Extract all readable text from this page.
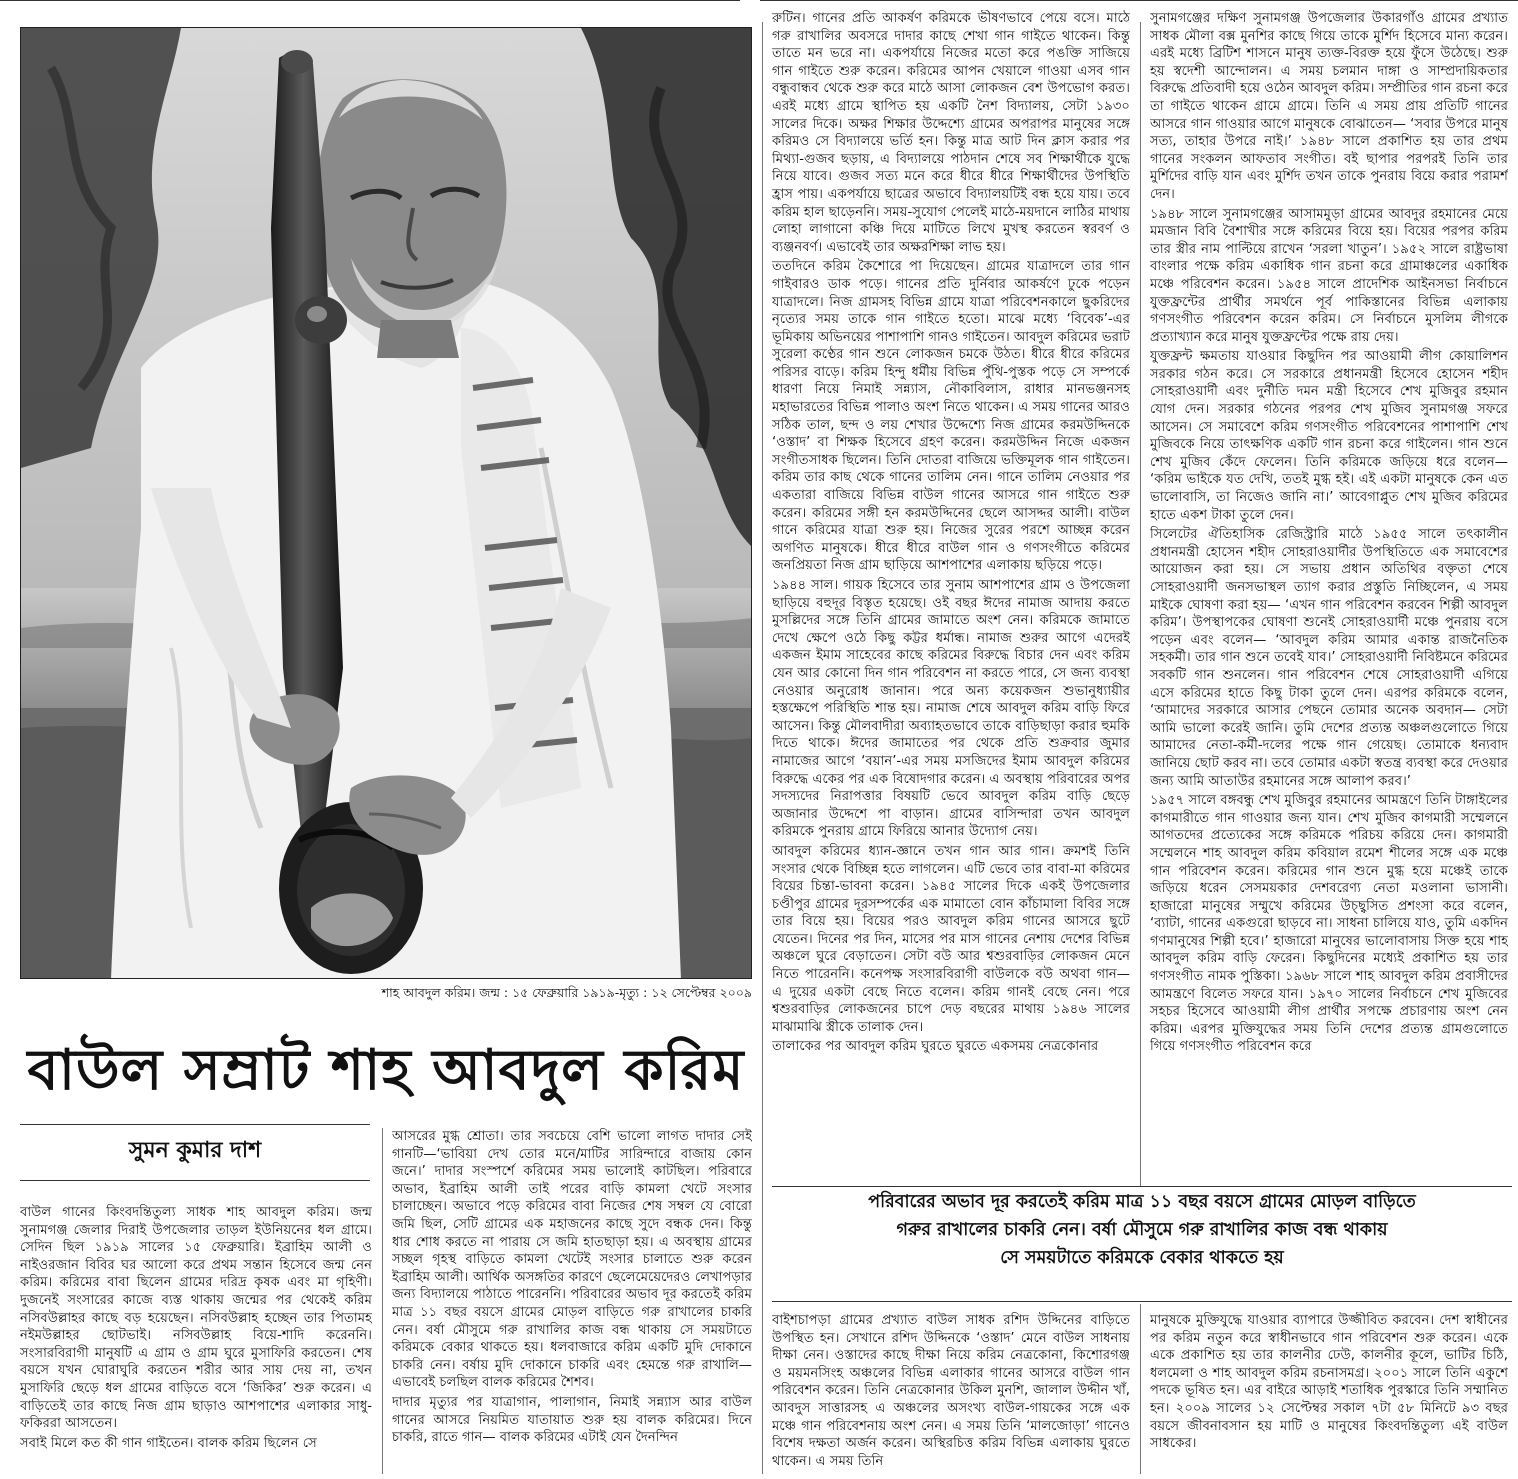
শাহ আবদুল করিম। জন্ম : ১৫ ফেব্রুয়ারি ১৯১৯-মৃত্যু : ১২ সেপ্টেম্বর ২০০৯
বাউল সম্রাট শাহ আবদুল করিম
সুমন কুমার দাশ

বাউল গানের কিংবদন্তিতুল্য সাধক শাহ আবদুল করিম। জন্ম সুনামগঞ্জ জেলার দিরাই উপজেলার তাড়ল ইউনিয়নের ধল গ্রামে। সেদিন ছিল ১৯১৯ সালের ১৫ ফেব্রুয়ারি। ইব্রাহিম আলী ও নাইওরজান বিবির ঘর আলো করে প্রথম সন্তান হিসেবে জন্ম নেন করিম। করিমের বাবা ছিলেন গ্রামের দরিদ্র কৃষক এবং মা গৃহিণী। দুজনেই সংসারের কাজে ব্যস্ত থাকায় জন্মের পর থেকেই করিম নসিবউল্লাহর কাছে বড় হয়েছেন। নসিবউল্লাহ হচ্ছেন তার পিতামহ নইমউল্লাহর ছোটভাই। নসিবউল্লাহ বিয়ে-শাদি করেননি। সংসারবিরাগী মানুষটি এ গ্রাম ও গ্রাম ঘুরে মুসাফিরি করতেন। শেষ বয়সে যখন ঘোরাঘুরি করতেন শরীর আর সায় দেয় না, তখন মুসাফিরি ছেড়ে ধল গ্রামের বাড়িতে বসে ‘জিকির’ শুরু করেন। এ বাড়িতেই তার কাছে নিজ গ্রাম ছাড়াও আশপাশের এলাকার সাধু-ফকিররা আসতেন।

সবাই মিলে কত কী গান গাইতেন। বালক করিম ছিলেন সে

আসরের মুগ্ধ শ্রোতা। তার সবচেয়ে বেশি ভালো লাগত দাদার সেই গানটি—‘ভাবিয়া দেখ তোর মনে/মাটির সারিন্দারে বাজায় কোন জনে।’ দাদার সংস্পর্শে করিমের সময় ভালোই কাটছিল। পরিবারে অভাব, ইব্রাহিম আলী তাই পরের বাড়ি কামলা খেটে সংসার চালাচ্ছেন। অভাবে পড়ে করিমের বাবা নিজের শেষ সম্বল যে বোরো জমি ছিল, সেটি গ্রামের এক মহাজনের কাছে সুদে বন্ধক দেন। কিন্তু ধার শোধ করতে না পারায় সে জমি হাতছাড়া হয়। এ অবস্থায় গ্রামের সচ্ছল গৃহস্থ বাড়িতে কামলা খেটেই সংসার চালাতে শুরু করেন ইব্রাহিম আলী। আর্থিক অসঙ্গতির কারণে ছেলেমেয়েদেরও লেখাপড়ার জন্য বিদ্যালয়ে পাঠাতে পারেননি। পরিবারের অভাব দূর করতেই করিম মাত্র ১১ বছর বয়সে গ্রামের মোড়ল বাড়িতে গরু রাখালের চাকরি নেন। বর্ষা মৌসুমে গরু রাখালির কাজ বন্ধ থাকায় সে সময়টাতে করিমকে বেকার থাকতে হয়। ধলবাজারে করিম একটি মুদি দোকানে চাকরি নেন। বর্ষায় মুদি দোকানে চাকরি এবং হেমন্তে গরু রাখালি— এভাবেই চলছিল বালক করিমের শৈশব।

দাদার মৃত্যুর পর যাত্রাগান, পালাগান, নিমাই সন্ন্যাস আর বাউল গানের আসরে নিয়মিত যাতায়াত শুরু হয় বালক করিমের। দিনে চাকরি, রাতে গান— বালক করিমের এটাই যেন দৈনন্দিন

রুটিন। গানের প্রতি আকর্ষণ করিমকে ভীষণভাবে পেয়ে বসে। মাঠে গরু রাখালির অবসরে দাদার কাছে শেখা গান গাইতে থাকেন। কিন্তু তাতে মন ভরে না। একপর্যায়ে নিজের মতো করে পঙক্তি সাজিয়ে গান গাইতে শুরু করেন। করিমের আপন খেয়ালে গাওয়া এসব গান বন্ধুবান্ধব থেকে শুরু করে মাঠে আসা লোকজন বেশ উপভোগ করত। এরই মধ্যে গ্রামে স্থাপিত হয় একটি নৈশ বিদ্যালয়, সেটা ১৯৩০ সালের দিকে। অক্ষর শিক্ষার উদ্দেশ্যে গ্রামের অপরাপর মানুষের সঙ্গে করিমও সে বিদ্যালয়ে ভর্তি হন। কিন্তু মাত্র আট দিন ক্লাস করার পর মিথ্যা-গুজব ছড়ায়, এ বিদ্যালয়ে পাঠদান শেষে সব শিক্ষার্থীকে যুদ্ধে নিয়ে যাবে। গুজব সত্য মনে করে ধীরে ধীরে শিক্ষার্থীদের উপস্থিতি হ্রাস পায়। একপর্যায়ে ছাত্রের অভাবে বিদ্যালয়টিই বন্ধ হয়ে যায়। তবে করিম হাল ছাড়েননি। সময়-সুযোগ পেলেই মাঠে-ময়দানে লাঠির মাথায় লোহা লাগানো কঞ্চি দিয়ে মাটিতে লিখে মুখস্থ করতেন স্বরবর্ণ ও ব্যঞ্জনবর্ণ। এভাবেই তার অক্ষরশিক্ষা লাভ হয়।

ততদিনে করিম কৈশোরে পা দিয়েছেন। গ্রামের যাত্রাদলে তার গান গাইবারও ডাক পড়ে। গানের প্রতি দুর্নিবার আকর্ষণে ঢুকে পড়েন যাত্রাদলে। নিজ গ্রামসহ বিভিন্ন গ্রামে যাত্রা পরিবেশনকালে ছুকরিদের নৃত্যের সময় তাকে গান গাইতে হতো। মাঝে মধ্যে ‘বিবেক’-এর ভূমিকায় অভিনয়ের পাশাপাশি গানও গাইতেন। আবদুল করিমের ভরাট সুরেলা কণ্ঠের গান শুনে লোকজন চমকে উঠত। ধীরে ধীরে করিমের পরিসর বাড়ে। করিম হিন্দু ধর্মীয় বিভিন্ন পুঁথি-পুস্তক পড়ে সে সম্পর্কে ধারণা নিয়ে নিমাই সন্ন্যাস, নৌকাবিলাস, রাধার মানভঞ্জনসহ মহাভারতের বিভিন্ন পালাও অংশ নিতে থাকেন। এ সময় গানের আরও সঠিক তাল, ছন্দ ও লয় শেখার উদ্দেশ্যে নিজ গ্রামের করমউদ্দিনকে ‘ওস্তাদ’ বা শিক্ষক হিসেবে গ্রহণ করেন। করমউদ্দিন নিজে একজন সংগীতসাধক ছিলেন। তিনি দোতরা বাজিয়ে ভক্তিমূলক গান গাইতেন। করিম তার কাছ থেকে গানের তালিম নেন। গানে তালিম নেওয়ার পর একতারা বাজিয়ে বিভিন্ন বাউল গানের আসরে গান গাইতে শুরু করেন। করিমের সঙ্গী হন করমউদ্দিনের ছেলে আসদ্দর আলী। বাউল গানে করিমের যাত্রা শুরু হয়। নিজের সুরের পরশে আচ্ছন্ন করেন অগণিত মানুষকে। ধীরে ধীরে বাউল গান ও গণসংগীতে করিমের জনপ্রিয়তা নিজ গ্রাম ছাড়িয়ে আশপাশের এলাকায় ছড়িয়ে পড়ে।

১৯৪৪ সাল। গায়ক হিসেবে তার সুনাম আশপাশের গ্রাম ও উপজেলা ছাড়িয়ে বহুদূর বিস্তৃত হয়েছে। ওই বছর ঈদের নামাজ আদায় করতে মুসল্লিদের সঙ্গে তিনি গ্রামের জামাতে অংশ নেন। করিমকে জামাতে দেখে ক্ষেপে ওঠে কিছু কট্টর ধর্মান্ধ। নামাজ শুরুর আগে এদেরই একজন ইমাম সাহেবের কাছে করিমের বিরুদ্ধে বিচার দেন এবং করিম যেন আর কোনো দিন গান পরিবেশন না করতে পারে, সে জন্য ব্যবস্থা নেওয়ার অনুরোধ জানান। পরে অন্য কয়েকজন শুভানুধ্যায়ীর হস্তক্ষেপে পরিস্থিতি শান্ত হয়। নামাজ শেষে আবদুল করিম বাড়ি ফিরে আসেন। কিন্তু মৌলবাদীরা অব্যাহতভাবে তাকে বাড়িছাড়া করার হুমকি দিতে থাকে। ঈদের জামাতের পর থেকে প্রতি শুক্রবার জুমার নামাজের আগে ‘বয়ান’-এর সময় মসজিদের ইমাম আবদুল করিমের বিরুদ্ধে একের পর এক বিষোদগার করেন। এ অবস্থায় পরিবারের অপর সদস্যদের নিরাপত্তার বিষয়টি ভেবে আবদুল করিম বাড়ি ছেড়ে অজানার উদ্দেশে পা বাড়ান। গ্রামের বাসিন্দারা তখন আবদুল করিমকে পুনরায় গ্রামে ফিরিয়ে আনার উদ্যোগ নেয়।

আবদুল করিমের ধ্যান-জ্ঞানে তখন গান আর গান। ক্রমশই তিনি সংসার থেকে বিচ্ছিন্ন হতে লাগলেন। এটি ভেবে তার বাবা-মা করিমের বিয়ের চিন্তা-ভাবনা করেন। ১৯৪৫ সালের দিকে একই উপজেলার চণ্ডীপুর গ্রামের দূরসম্পর্কের এক মামাতো বোন কাঁচামালা বিবির সঙ্গে তার বিয়ে হয়। বিয়ের পরও আবদুল করিম গানের আসরে ছুটে যেতেন। দিনের পর দিন, মাসের পর মাস গানের নেশায় দেশের বিভিন্ন অঞ্চলে ঘুরে বেড়াতেন। সেটা বউ আর শ্বশুরবাড়ির লোকজন মেনে নিতে পারেননি। কনেপক্ষ সংসারবিরাগী বাউলকে বউ অথবা গান— এ দুয়ের একটা বেছে নিতে বলেন। করিম গানই বেছে নেন। পরে শ্বশুরবাড়ির লোকজনের চাপে দেড় বছরের মাথায় ১৯৪৬ সালের মাঝামাঝি স্ত্রীকে তালাক দেন।

তালাকের পর আবদুল করিম ঘুরতে ঘুরতে একসময় নেত্রকোনার

সুনামগঞ্জের দক্ষিণ সুনামগঞ্জ উপজেলার উকারগাঁও গ্রামের প্রখ্যাত সাধক মৌলা বক্স মুনশির কাছে গিয়ে তাকে মুর্শিদ হিসেবে মান্য করেন। এরই মধ্যে ব্রিটিশ শাসনে মানুষ ত্যক্ত-বিরক্ত হয়ে ফুঁসে উঠেছে। শুরু হয় স্বদেশী আন্দোলন। এ সময় চলমান দাঙ্গা ও সাম্প্রদায়িকতার বিরুদ্ধে প্রতিবাদী হয়ে ওঠেন আবদুল করিম। সম্প্রীতির গান রচনা করে তা গাইতে থাকেন গ্রামে গ্রামে। তিনি এ সময় প্রায় প্রতিটি গানের আসরে গান গাওয়ার আগে মানুষকে বোঝাতেন— ‘সবার উপরে মানুষ সত্য, তাহার উপরে নাই।’ ১৯৪৮ সালে প্রকাশিত হয় তার প্রথম গানের সংকলন আফতাব সংগীত। বই ছাপার পরপরই তিনি তার মুর্শিদের বাড়ি যান এবং মুর্শিদ তখন তাকে পুনরায় বিয়ে করার পরামর্শ দেন।

১৯৪৮ সালে সুনামগঞ্জের আসামমুড়া গ্রামের আবদুর রহমানের মেয়ে মমজান বিবি বৈশাখীর সঙ্গে করিমের বিয়ে হয়। বিয়ের পরপর করিম তার স্ত্রীর নাম পাল্টিয়ে রাখেন ‘সরলা খাতুন’। ১৯৫২ সালে রাষ্ট্রভাষা বাংলার পক্ষে করিম একাধিক গান রচনা করে গ্রামাঞ্চলের একাধিক মঞ্চে পরিবেশন করেন। ১৯৫৪ সালে প্রাদেশিক আইনসভা নির্বাচনে যুক্তফ্রন্টের প্রার্থীর সমর্থনে পূর্ব পাকিস্তানের বিভিন্ন এলাকায় গণসংগীত পরিবেশন করেন করিম। সে নির্বাচনে মুসলিম লীগকে প্রত্যাখ্যান করে মানুষ যুক্তফ্রন্টের পক্ষে রায় দেয়।

যুক্তফ্রন্ট ক্ষমতায় যাওয়ার কিছুদিন পর আওয়ামী লীগ কোয়ালিশন সরকার গঠন করে। সে সরকারে প্রধানমন্ত্রী হিসেবে হোসেন শহীদ সোহরাওয়ার্দী এবং দুর্নীতি দমন মন্ত্রী হিসেবে শেখ মুজিবুর রহমান যোগ দেন। সরকার গঠনের পরপর শেখ মুজিব সুনামগঞ্জ সফরে আসেন। সে সমাবেশে করিম গণসংগীত পরিবেশনের পাশাপাশি শেখ মুজিবকে নিয়ে তাৎক্ষণিক একটি গান রচনা করে গাইলেন। গান শুনে শেখ মুজিব কেঁদে ফেলেন। তিনি করিমকে জড়িয়ে ধরে বলেন— ‘করিম ভাইকে যত দেখি, ততই মুগ্ধ হই। এই একটা মানুষকে কেন এত ভালোবাসি, তা নিজেও জানি না।’ আবেগাপ্লুত শেখ মুজিব করিমের হাতে একশ টাকা তুলে দেন।

সিলেটের ঐতিহাসিক রেজিস্ট্রারি মাঠে ১৯৫৫ সালে তৎকালীন প্রধানমন্ত্রী হোসেন শহীদ সোহরাওয়ার্দীর উপস্থিতিতে এক সমাবেশের আয়োজন করা হয়। সে সভায় প্রধান অতিথির বক্তৃতা শেষে সোহরাওয়ার্দী জনসভাস্থল ত্যাগ করার প্রস্তুতি নিচ্ছিলেন, এ সময় মাইকে ঘোষণা করা হয়— ‘এখন গান পরিবেশন করবেন শিল্পী আবদুল করিম’। উপস্থাপকের ঘোষণা শুনেই সোহরাওয়ার্দী মঞ্চে পুনরায় বসে পড়েন এবং বলেন— ‘আবদুল করিম আমার একান্ত রাজনৈতিক সহকর্মী। তার গান শুনে তবেই যাব।’ সোহরাওয়ার্দী নিবিষ্টমনে করিমের সবকটি গান শুনলেন। গান পরিবেশন শেষে সোহরাওয়ার্দী এগিয়ে এসে করিমের হাতে কিছু টাকা তুলে দেন। এরপর করিমকে বলেন, ‘আমাদের সরকারে আসার পেছনে তোমার অনেক অবদান— সেটা আমি ভালো করেই জানি। তুমি দেশের প্রত্যন্ত অঞ্চলগুলোতে গিয়ে আমাদের নেতা-কর্মী-দলের পক্ষে গান গেয়েছ। তোমাকে ধন্যবাদ জানিয়ে ছোট করব না। তবে তোমার একটা স্বতন্ত্র ব্যবস্থা করে দেওয়ার জন্য আমি আতাউর রহমানের সঙ্গে আলাপ করব।’

১৯৫৭ সালে বঙ্গবন্ধু শেখ মুজিবুর রহমানের আমন্ত্রণে তিনি টাঙ্গাইলের কাগমারীতে গান গাওয়ার জন্য যান। শেখ মুজিব কাগমারী সম্মেলনে আগতদের প্রত্যেকের সঙ্গে করিমকে পরিচয় করিয়ে দেন। কাগমারী সম্মেলনে শাহ আবদুল করিম কবিয়াল রমেশ শীলের সঙ্গে এক মঞ্চে গান পরিবেশন করেন। করিমের গান শুনে মুগ্ধ হয়ে মঞ্চেই তাকে জড়িয়ে ধরেন সেসময়কার দেশবরেণ্য নেতা মওলানা ভাসানী। হাজারো মানুষের সম্মুখে করিমের উচ্ছ্বসিত প্রশংসা করে বলেন, ‘ব্যাটা, গানের একগুরো ছাড়বে না। সাধনা চালিয়ে যাও, তুমি একদিন গণমানুষের শিল্পী হবে।’ হাজারো মানুষের ভালোবাসায় সিক্ত হয়ে শাহ আবদুল করিম বাড়ি ফেরেন। কিছুদিনের মধ্যেই প্রকাশিত হয় তার গণসংগীত নামক পুস্তিকা। ১৯৬৮ সালে শাহ আবদুল করিম প্রবাসীদের আমন্ত্রণে বিলেত সফরে যান। ১৯৭০ সালের নির্বাচনে শেখ মুজিবের সহচর হিসেবে আওয়ামী লীগ প্রার্থীর সপক্ষে প্রচারণায় অংশ নেন করিম। এরপর মুক্তিযুদ্ধের সময় তিনি দেশের প্রত্যন্ত গ্রামগুলোতে গিয়ে গণসংগীত পরিবেশন করে

পরিবারের অভাব দূর করতেই করিম মাত্র ১১ বছর বয়সে গ্রামের মোড়ল বাড়িতে
গরুর রাখালের চাকরি নেন। বর্ষা মৌসুমে গরু রাখালির কাজ বন্ধ থাকায়
সে সময়টাতে করিমকে বেকার থাকতে হয়

বাইশচাপড়া গ্রামের প্রখ্যাত বাউল সাধক রশিদ উদ্দিনের বাড়িতে উপস্থিত হন। সেখানে রশিদ উদ্দিনকে ‘ওস্তাদ’ মেনে বাউল সাধনায় দীক্ষা নেন। ওস্তাদের কাছে দীক্ষা নিয়ে করিম নেত্রকোনা, কিশোরগঞ্জ ও ময়মনসিংহ অঞ্চলের বিভিন্ন এলাকার গানের আসরে বাউল গান পরিবেশন করেন। তিনি নেত্রকোনার উকিল মুনশি, জালাল উদ্দীন খাঁ, আবদুস সাত্তারসহ এ অঞ্চলের অসংখ্য বাউল-গায়কের সঙ্গে এক মঞ্চে গান পরিবেশনায় অংশ নেন। এ সময় তিনি ‘মালজোড়া’ গানেও বিশেষ দক্ষতা অর্জন করেন। অস্থিরচিত্ত করিম বিভিন্ন এলাকায় ঘুরতে থাকেন। এ সময় তিনি

মানুষকে মুক্তিযুদ্ধে যাওয়ার ব্যাপারে উজ্জীবিত করবেন। দেশ স্বাধীনের পর করিম নতুন করে স্বাধীনভাবে গান পরিবেশন শুরু করেন। একে একে প্রকাশিত হয় তার কালনীর ঢেউ, কালনীর কূলে, ভাটির চিঠি, ধলমেলা ও শাহ আবদুল করিম রচনাসমগ্র। ২০০১ সালে তিনি একুশে পদকে ভূষিত হন। এর বাইরে আড়াই শতাধিক পুরস্কারে তিনি সম্মানিত হন। ২০০৯ সালের ১২ সেপ্টেম্বর সকাল ৭টা ৫৮ মিনিটে ৯৩ বছর বয়সে জীবনাবসান হয় মাটি ও মানুষের কিংবদন্তিতুল্য এই বাউল সাধকের।
